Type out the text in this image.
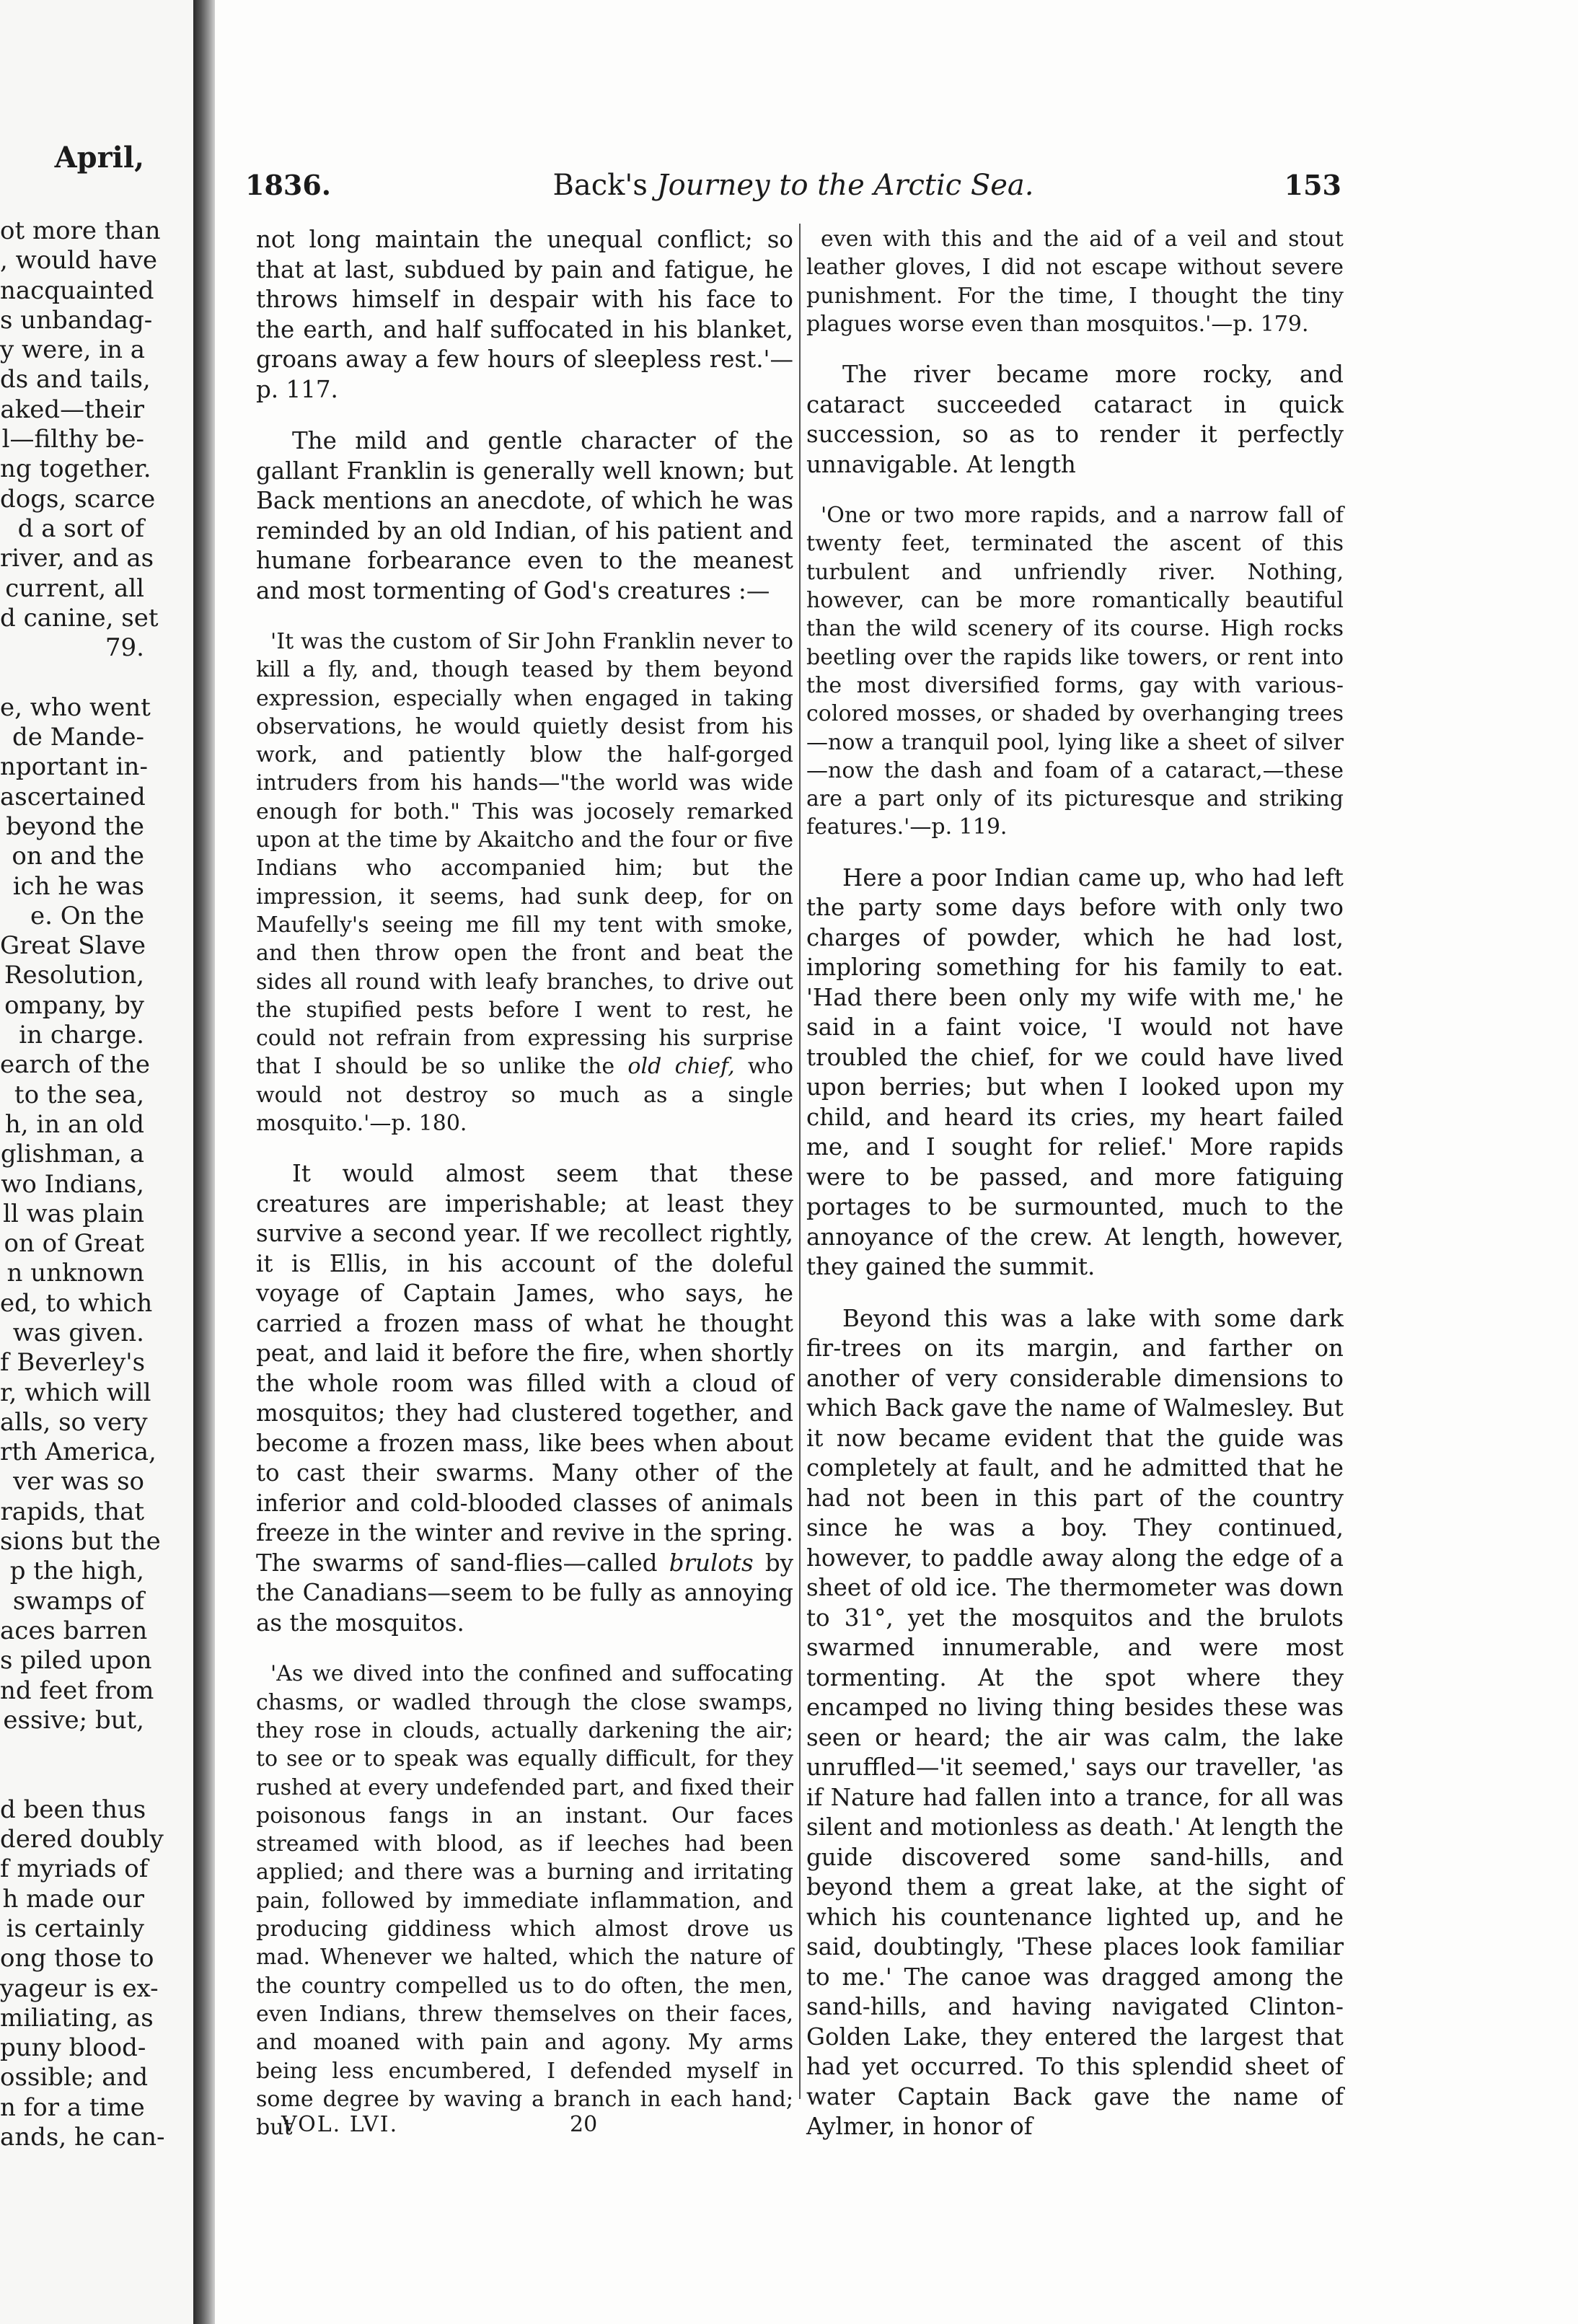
April,
ot more than
, would have
nacquainted
s unbandag-
y were, in a
ds and tails,
aked—their
l—filthy be-
ng together.
dogs, scarce
d a sort of
river, and as
current, all
d canine, set
79.
e, who went
de Mande-
nportant in-
ascertained
beyond the
on and the
ich he was
e. On the
Great Slave
Resolution,
ompany, by
in charge.
earch of the
to the sea,
h, in an old
glishman, a
wo Indians,
ll was plain
on of Great
n unknown
ed, to which
was given.
f Beverley's
r, which will
alls, so very
rth America,
ver was so
rapids, that
sions but the
p the high,
swamps of
aces barren
s piled upon
nd feet from
essive; but,
d been thus
dered doubly
f myriads of
h made our
is certainly
ong those to
yageur is ex-
miliating, as
puny blood-
ossible; and
n for a time
ands, he can-
1836.	Back's Journey to the Arctic Sea.	153

not long maintain the unequal conflict; so that at last, subdued by pain and fatigue, he throws himself in despair with his face to the earth, and half suffocated in his blanket, groans away a few hours of sleepless rest.'—p. 117.

The mild and gentle character of the gallant Franklin is generally well known; but Back mentions an anecdote, of which he was reminded by an old Indian, of his patient and humane forbearance even to the meanest and most tormenting of God's creatures :—

'It was the custom of Sir John Franklin never to kill a fly, and, though teased by them beyond expression, especially when engaged in taking observations, he would quietly desist from his work, and patiently blow the half-gorged intruders from his hands—"the world was wide enough for both." This was jocosely remarked upon at the time by Akaitcho and the four or five Indians who accompanied him; but the impression, it seems, had sunk deep, for on Maufelly's seeing me fill my tent with smoke, and then throw open the front and beat the sides all round with leafy branches, to drive out the stupified pests before I went to rest, he could not refrain from expressing his surprise that I should be so unlike the old chief, who would not destroy so much as a single mosquito.'—p. 180.

It would almost seem that these creatures are imperishable; at least they survive a second year. If we recollect rightly, it is Ellis, in his account of the doleful voyage of Captain James, who says, he carried a frozen mass of what he thought peat, and laid it before the fire, when shortly the whole room was filled with a cloud of mosquitos; they had clustered together, and become a frozen mass, like bees when about to cast their swarms. Many other of the inferior and cold-blooded classes of animals freeze in the winter and revive in the spring. The swarms of sand-flies—called brulots by the Canadians—seem to be fully as annoying as the mosquitos.

'As we dived into the confined and suffocating chasms, or wadled through the close swamps, they rose in clouds, actually darkening the air; to see or to speak was equally difficult, for they rushed at every undefended part, and fixed their poisonous fangs in an instant. Our faces streamed with blood, as if leeches had been applied; and there was a burning and irritating pain, followed by immediate inflammation, and producing giddiness which almost drove us mad. Whenever we halted, which the nature of the country compelled us to do often, the men, even Indians, threw themselves on their faces, and moaned with pain and agony. My arms being less encumbered, I defended myself in some degree by waving a branch in each hand; but

even with this and the aid of a veil and stout leather gloves, I did not escape without severe punishment. For the time, I thought the tiny plagues worse even than mosquitos.'—p. 179.

The river became more rocky, and cataract succeeded cataract in quick succession, so as to render it perfectly unnavigable. At length

'One or two more rapids, and a narrow fall of twenty feet, terminated the ascent of this turbulent and unfriendly river. Nothing, however, can be more romantically beautiful than the wild scenery of its course. High rocks beetling over the rapids like towers, or rent into the most diversified forms, gay with various-colored mosses, or shaded by overhanging trees—now a tranquil pool, lying like a sheet of silver—now the dash and foam of a cataract,—these are a part only of its picturesque and striking features.'—p. 119.

Here a poor Indian came up, who had left the party some days before with only two charges of powder, which he had lost, imploring something for his family to eat. 'Had there been only my wife with me,' he said in a faint voice, 'I would not have troubled the chief, for we could have lived upon berries; but when I looked upon my child, and heard its cries, my heart failed me, and I sought for relief.' More rapids were to be passed, and more fatiguing portages to be surmounted, much to the annoyance of the crew. At length, however, they gained the summit.

Beyond this was a lake with some dark fir-trees on its margin, and farther on another of very considerable dimensions to which Back gave the name of Walmesley. But it now became evident that the guide was completely at fault, and he admitted that he had not been in this part of the country since he was a boy. They continued, however, to paddle away along the edge of a sheet of old ice. The thermometer was down to 31°, yet the mosquitos and the brulots swarmed innumerable, and were most tormenting. At the spot where they encamped no living thing besides these was seen or heard; the air was calm, the lake unruffled—'it seemed,' says our traveller, 'as if Nature had fallen into a trance, for all was silent and motionless as death.' At length the guide discovered some sand-hills, and beyond them a great lake, at the sight of which his countenance lighted up, and he said, doubtingly, 'These places look familiar to me.' The canoe was dragged among the sand-hills, and having navigated Clinton-Golden Lake, they entered the largest that had yet occurred. To this splendid sheet of water Captain Back gave the name of Aylmer, in honor of

VOL. LVI.	20
